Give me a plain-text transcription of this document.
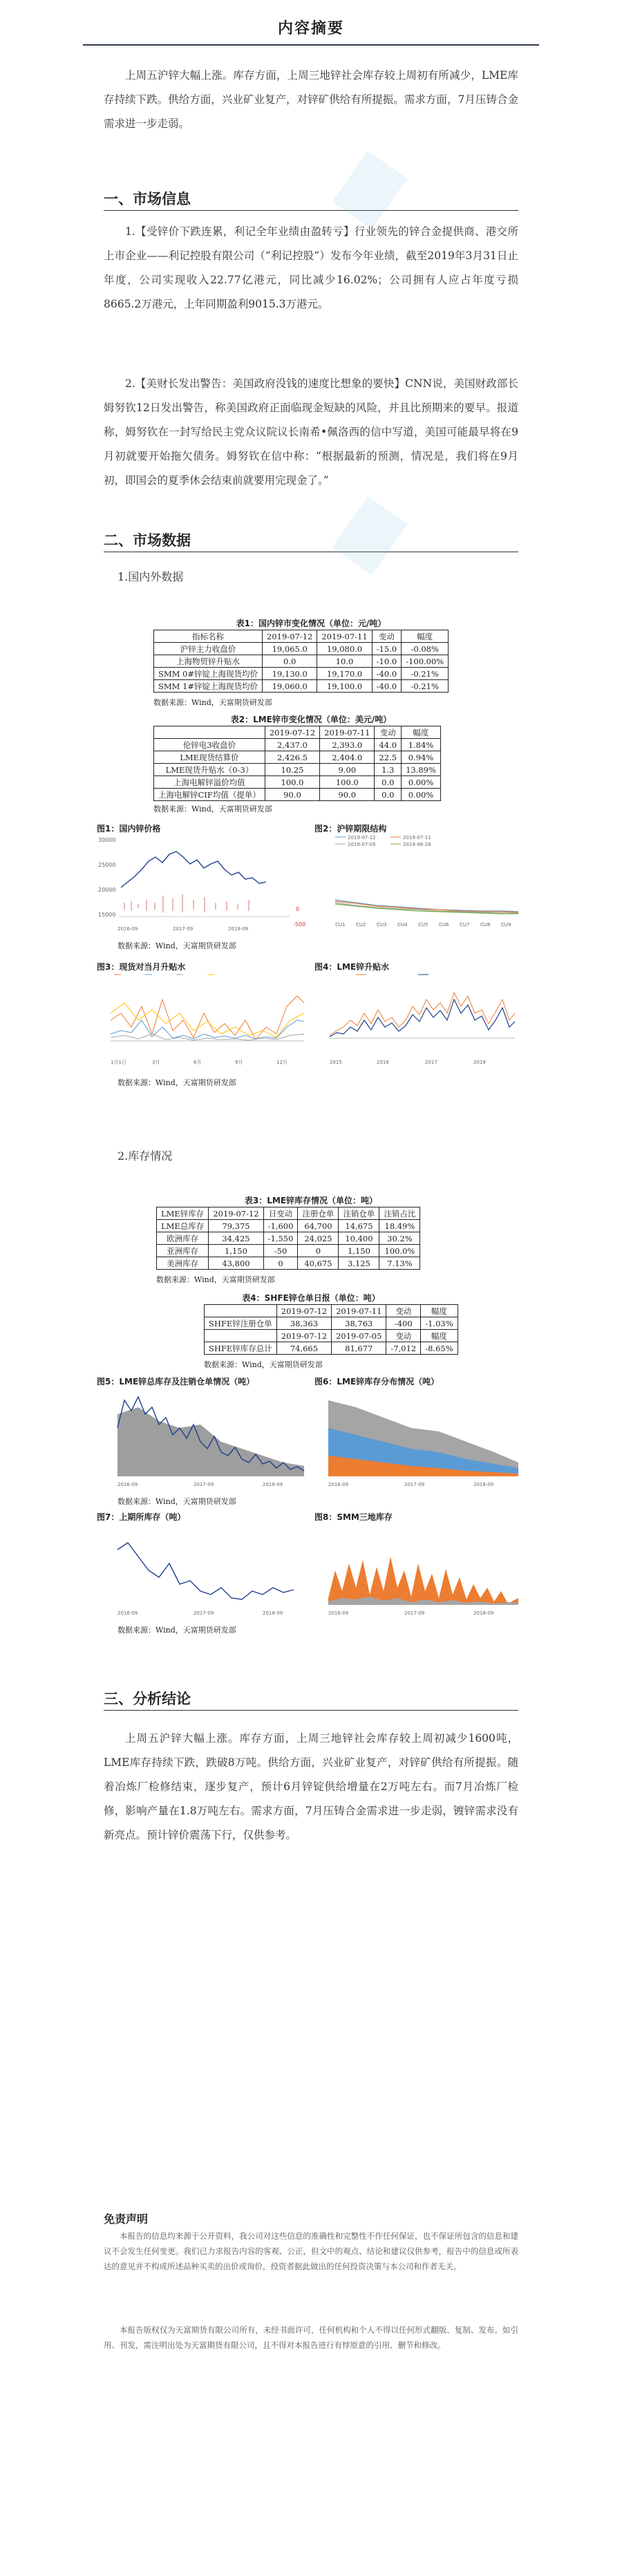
内容摘要
上周五沪锌大幅上涨。库存方面，上周三地锌社会库存较上周初有所减少，LME库存持续下跌。供给方面，兴业矿业复产，对锌矿供给有所提振。需求方面，7月压铸合金需求进一步走弱。
一、市场信息
1.【受锌价下跌连累，利记全年业绩由盈转亏】行业领先的锌合金提供商、港交所上市企业——利记控股有限公司（“利记控股”）发布今年业绩，截至2019年3月31日止年度，公司实现收入22.77亿港元，同比减少16.02%；公司拥有人应占年度亏损8665.2万港元，上年同期盈利9015.3万港元。
2.【美财长发出警告：美国政府没钱的速度比想象的要快】CNN说，美国财政部长姆努钦12日发出警告，称美国政府正面临现金短缺的风险，并且比预期来的要早。报道称，姆努钦在一封写给民主党众议院议长南希•佩洛西的信中写道，美国可能最早将在9月初就要开始拖欠债务。姆努钦在信中称：“根据最新的预测，情况是，我们将在9月初，即国会的夏季休会结束前就要用完现金了。”
二、市场数据
1.国内外数据
表1：国内锌市变化情况（单位：元/吨）
指标名称	2019-07-12	2019-07-11	变动	幅度
沪锌主力收盘价	19,065.0	19,080.0	-15.0	-0.08%
上海物贸锌升贴水	0.0	10.0	-10.0	-100.00%
SMM 0#锌锭上海现货均价	19,130.0	19,170.0	-40.0	-0.21%
SMM 1#锌锭上海现货均价	19,060.0	19,100.0	-40.0	-0.21%
数据来源：Wind，天富期货研发部
表2：LME锌市变化情况（单位：美元/吨）
	2019-07-12	2019-07-11	变动	幅度
伦锌电3收盘价	2,437.0	2,393.0	44.0	1.84%
LME现货结算价	2,426.5	2,404.0	22.5	0.94%
LME现货升贴水（0-3）	10.25	9.00	1.3	13.89%
上海电解锌溢价均值	100.0	100.0	0.0	0.00%
上海电解锌CIF均值（提单）	90.0	90.0	0.0	0.00%
数据来源：Wind，天富期货研发部
图1：国内锌价格
30000
25000
20000
15000
0
-500
2016-09	2017-09	2018-09
图2：沪锌期限结构
2019-07-12	2019-07-11
2019-07-05	2019-06-28
CU1 CU2 CU3 CU4 CU5 CU6 CU7 CU8 CU9
数据来源：Wind，天富期货研发部
图3：现货对当月升贴水
1月1日	3月	6月	9月	12月
图4：LME锌升贴水
2015	2016	2017	2018
数据来源：Wind，天富期货研发部
2.库存情况
表3：LME锌库存情况（单位：吨）
LME锌库存	2019-07-12	日变动	注册仓单	注销仓单	注销占比
LME总库存	79,375	-1,600	64,700	14,675	18.49%
欧洲库存	34,425	-1,550	24,025	10,400	30.2%
亚洲库存	1,150	-50	0	1,150	100.0%
美洲库存	43,800	0	40,675	3,125	7.13%
数据来源：Wind，天富期货研发部
表4：SHFE锌仓单日报（单位：吨）
	2019-07-12	2019-07-11	变动	幅度
SHFE锌注册仓单	38,363	38,763	-400	-1.03%
	2019-07-12	2019-07-05	变动	幅度
SHFE锌库存总计	74,665	81,677	-7,012	-8.65%
数据来源：Wind，天富期货研发部
图5：LME锌总库存及注销仓单情况（吨）
2016-09	2017-09	2018-09
图6：LME锌库存分布情况（吨）
2016-09	2017-09	2018-09
数据来源：Wind，天富期货研发部
图7：上期所库存（吨）
2016-09	2017-09	2018-09
图8：SMM三地库存
2016-09	2017-09	2018-09
数据来源：Wind，天富期货研发部
三、分析结论
上周五沪锌大幅上涨。库存方面，上周三地锌社会库存较上周初减少1600吨，LME库存持续下跌，跌破8万吨。供给方面，兴业矿业复产，对锌矿供给有所提振。随着冶炼厂检修结束，逐步复产，预计6月锌锭供给增量在2万吨左右。而7月冶炼厂检修，影响产量在1.8万吨左右。需求方面，7月压铸合金需求进一步走弱，镀锌需求没有新亮点。预计锌价震荡下行，仅供参考。
免责声明
本报告的信息均来源于公开资料，我公司对这些信息的准确性和完整性不作任何保证，也不保证所包含的信息和建议不会发生任何变更。我们已力求报告内容的客观、公正，但文中的观点、结论和建议仅供参考，报告中的信息或所表达的意见并不构成所述品种买卖的出价或询价，投资者据此做出的任何投资决策与本公司和作者无关。
本报告版权仅为天富期货有限公司所有，未经书面许可，任何机构和个人不得以任何形式翻版、复制、发布。如引用、刊发，需注明出处为天富期货有限公司，且不得对本报告进行有悖原意的引用、删节和修改。
